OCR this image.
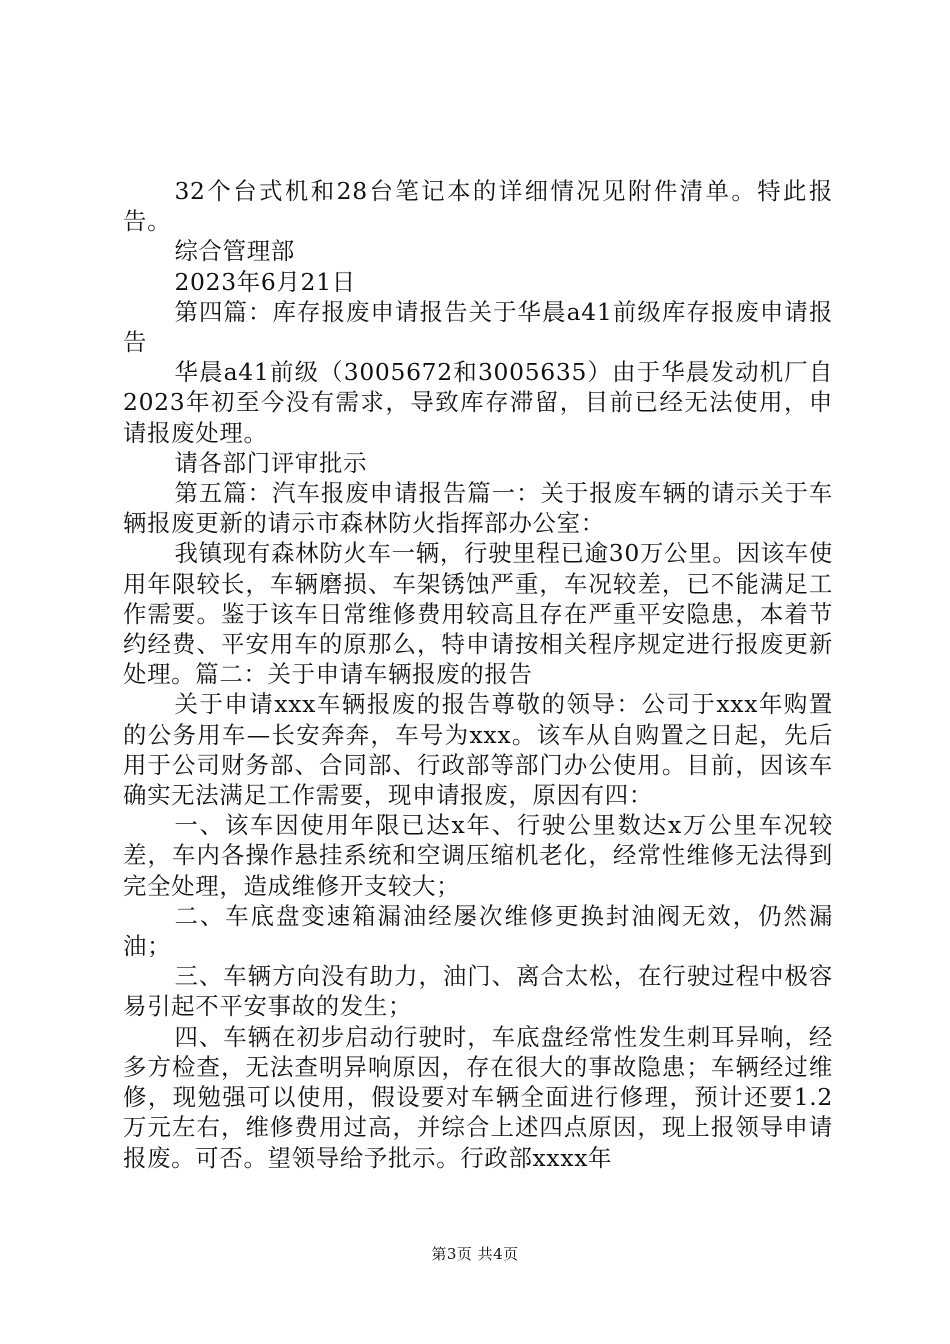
32个台式机和28台笔记本的详细情况见附件清单。特此报告。

综合管理部

2023年6月21日

第四篇：库存报废申请报告关于华晨a41前级库存报废申请报告

华晨a41前级（3005672和3005635）由于华晨发动机厂自2023年初至今没有需求，导致库存滞留，目前已经无法使用，申请报废处理。

请各部门评审批示

第五篇：汽车报废申请报告篇一：关于报废车辆的请示关于车辆报废更新的请示市森林防火指挥部办公室：

我镇现有森林防火车一辆，行驶里程已逾30万公里。因该车使用年限较长，车辆磨损、车架锈蚀严重，车况较差，已不能满足工作需要。鉴于该车日常维修费用较高且存在严重平安隐患，本着节约经费、平安用车的原那么，特申请按相关程序规定进行报废更新处理。篇二：关于申请车辆报废的报告

关于申请xxx车辆报废的报告尊敬的领导：公司于xxx年购置的公务用车—长安奔奔，车号为xxx。该车从自购置之日起，先后用于公司财务部、合同部、行政部等部门办公使用。目前，因该车确实无法满足工作需要，现申请报废，原因有四：

一、该车因使用年限已达x年、行驶公里数达x万公里车况较差，车内各操作悬挂系统和空调压缩机老化，经常性维修无法得到完全处理，造成维修开支较大；

二、车底盘变速箱漏油经屡次维修更换封油阀无效，仍然漏油；

三、车辆方向没有助力，油门、离合太松，在行驶过程中极容易引起不平安事故的发生；

四、车辆在初步启动行驶时，车底盘经常性发生刺耳异响，经多方检查，无法查明异响原因，存在很大的事故隐患；车辆经过维修，现勉强可以使用，假设要对车辆全面进行修理，预计还要1.2万元左右，维修费用过高，并综合上述四点原因，现上报领导申请报废。可否。望领导给予批示。行政部xxxx年

第3页 共4页
